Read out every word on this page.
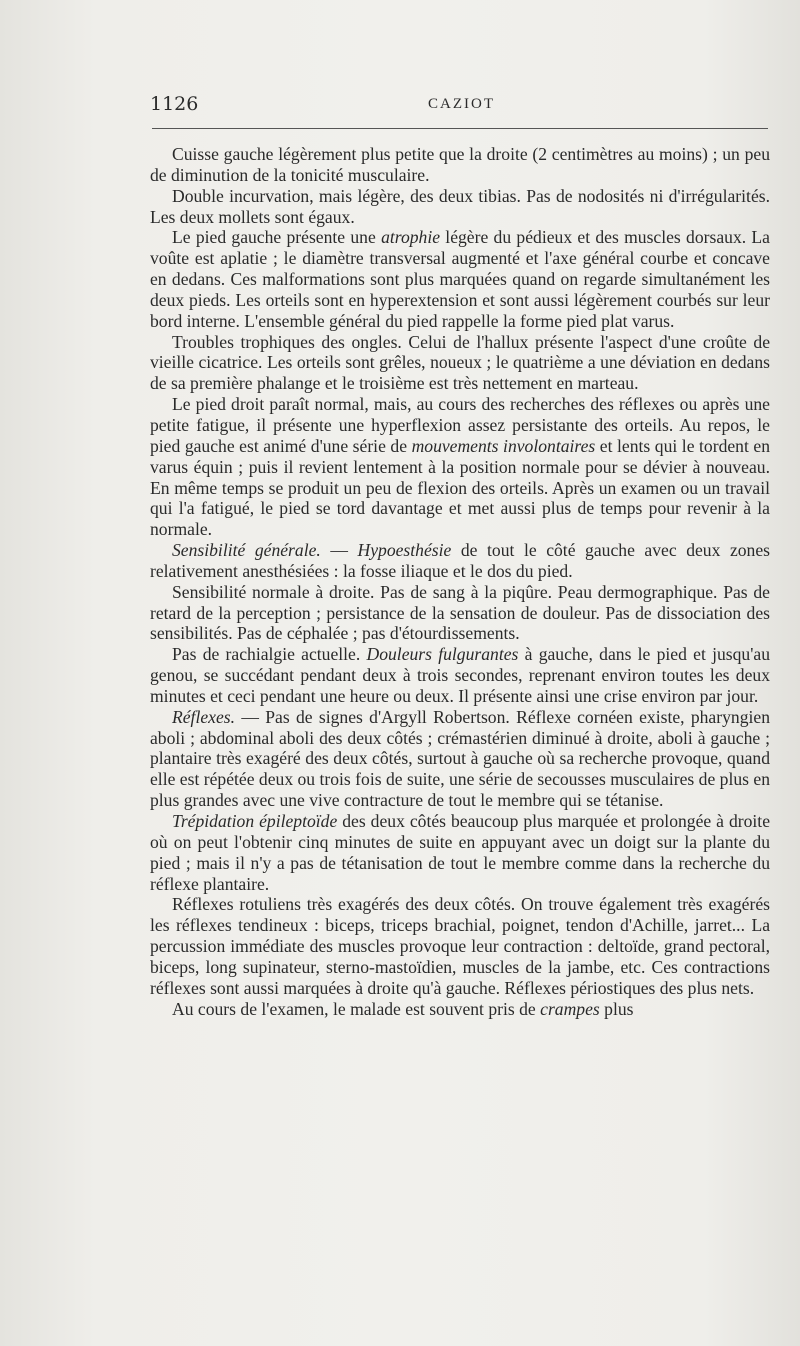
1126	CAZIOT

Cuisse gauche légèrement plus petite que la droite (2 centimètres au moins) ; un peu de diminution de la tonicité musculaire.

Double incurvation, mais légère, des deux tibias. Pas de nodosités ni d'irrégularités. Les deux mollets sont égaux.

Le pied gauche présente une atrophie légère du pédieux et des muscles dorsaux. La voûte est aplatie ; le diamètre transversal augmenté et l'axe général courbe et concave en dedans. Ces malformations sont plus marquées quand on regarde simultanément les deux pieds. Les orteils sont en hyperextension et sont aussi légèrement courbés sur leur bord interne. L'ensemble général du pied rappelle la forme pied plat varus.

Troubles trophiques des ongles. Celui de l'hallux présente l'aspect d'une croûte de vieille cicatrice. Les orteils sont grêles, noueux ; le quatrième a une déviation en dedans de sa première phalange et le troisième est très nettement en marteau.

Le pied droit paraît normal, mais, au cours des recherches des réflexes ou après une petite fatigue, il présente une hyperflexion assez persistante des orteils. Au repos, le pied gauche est animé d'une série de mouvements involontaires et lents qui le tordent en varus équin ; puis il revient lentement à la position normale pour se dévier à nouveau. En même temps se produit un peu de flexion des orteils. Après un examen ou un travail qui l'a fatigué, le pied se tord davantage et met aussi plus de temps pour revenir à la normale.

Sensibilité générale. — Hypoesthésie de tout le côté gauche avec deux zones relativement anesthésiées : la fosse iliaque et le dos du pied.

Sensibilité normale à droite. Pas de sang à la piqûre. Peau dermographique. Pas de retard de la perception ; persistance de la sensation de douleur. Pas de dissociation des sensibilités. Pas de céphalée ; pas d'étourdissements.

Pas de rachialgie actuelle. Douleurs fulgurantes à gauche, dans le pied et jusqu'au genou, se succédant pendant deux à trois secondes, reprenant environ toutes les deux minutes et ceci pendant une heure ou deux. Il présente ainsi une crise environ par jour.

Réflexes. — Pas de signes d'Argyll Robertson. Réflexe cornéen existe, pharyngien aboli ; abdominal aboli des deux côtés ; crémastérien diminué à droite, aboli à gauche ; plantaire très exagéré des deux côtés, surtout à gauche où sa recherche provoque, quand elle est répétée deux ou trois fois de suite, une série de secousses musculaires de plus en plus grandes avec une vive contracture de tout le membre qui se tétanise.

Trépidation épileptoïde des deux côtés beaucoup plus marquée et prolongée à droite où on peut l'obtenir cinq minutes de suite en appuyant avec un doigt sur la plante du pied ; mais il n'y a pas de tétanisation de tout le membre comme dans la recherche du réflexe plantaire.

Réflexes rotuliens très exagérés des deux côtés. On trouve également très exagérés les réflexes tendineux : biceps, triceps brachial, poignet, tendon d'Achille, jarret... La percussion immédiate des muscles provoque leur contraction : deltoïde, grand pectoral, biceps, long supinateur, sterno-mastoïdien, muscles de la jambe, etc. Ces contractions réflexes sont aussi marquées à droite qu'à gauche. Réflexes périostiques des plus nets.

Au cours de l'examen, le malade est souvent pris de crampes plus
